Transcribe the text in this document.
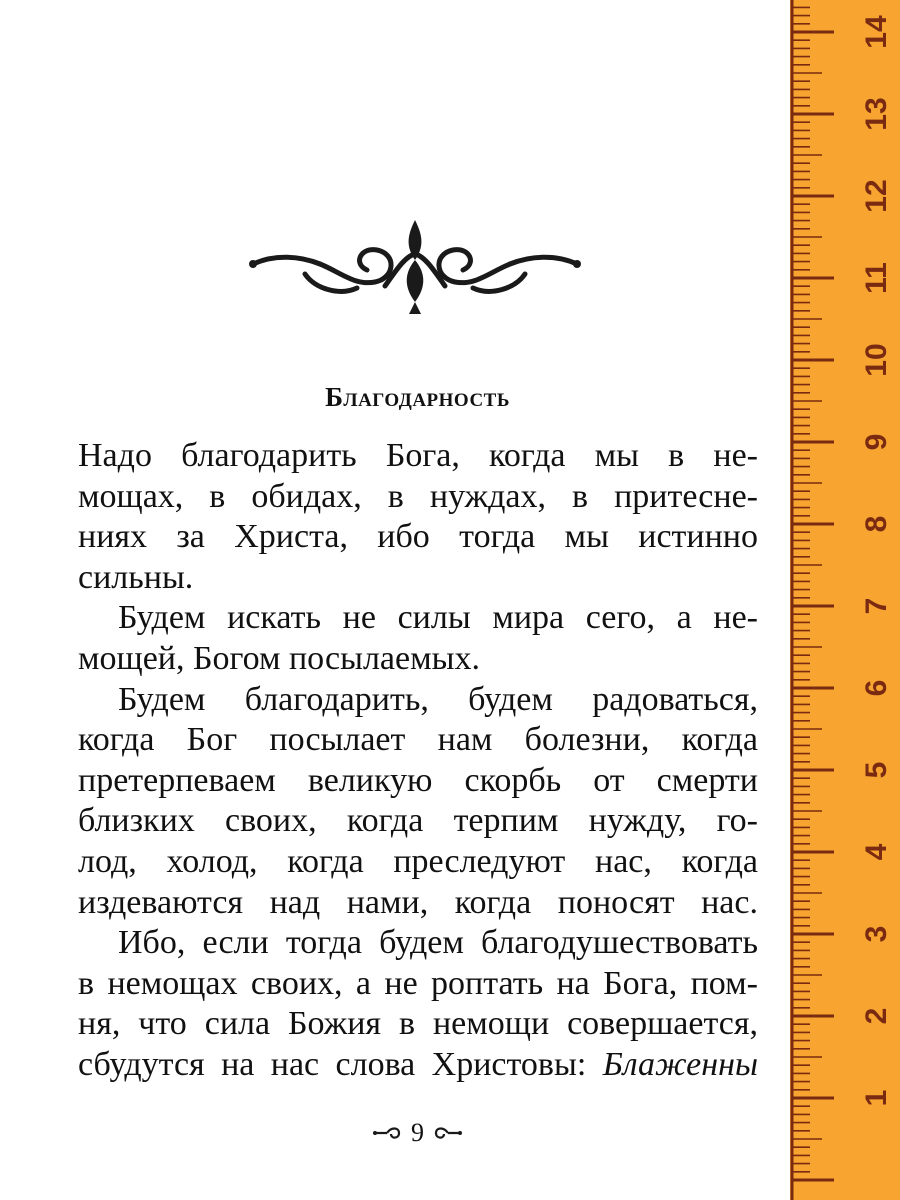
Благодарность
Надо благодарить Бога, когда мы в не-
мощах, в обидах, в нуждах, в притесне-
ниях за Христа, ибо тогда мы истинно
сильны.
Будем искать не силы мира сего, а не-
мощей, Богом посылаемых.
Будем благодарить, будем радоваться,
когда Бог посылает нам болезни, когда
претерпеваем великую скорбь от смерти
близких своих, когда терпим нужду, го-
лод, холод, когда преследуют нас, когда
издеваются над нами, когда поносят нас.
Ибо, если тогда будем благодушествовать
в немощах своих, а не роптать на Бога, пом-
ня, что сила Божия в немощи совершается,
сбудутся на нас слова Христовы: Блаженны
9
1
2
3
4
5
6
7
8
9
10
11
12
13
14
